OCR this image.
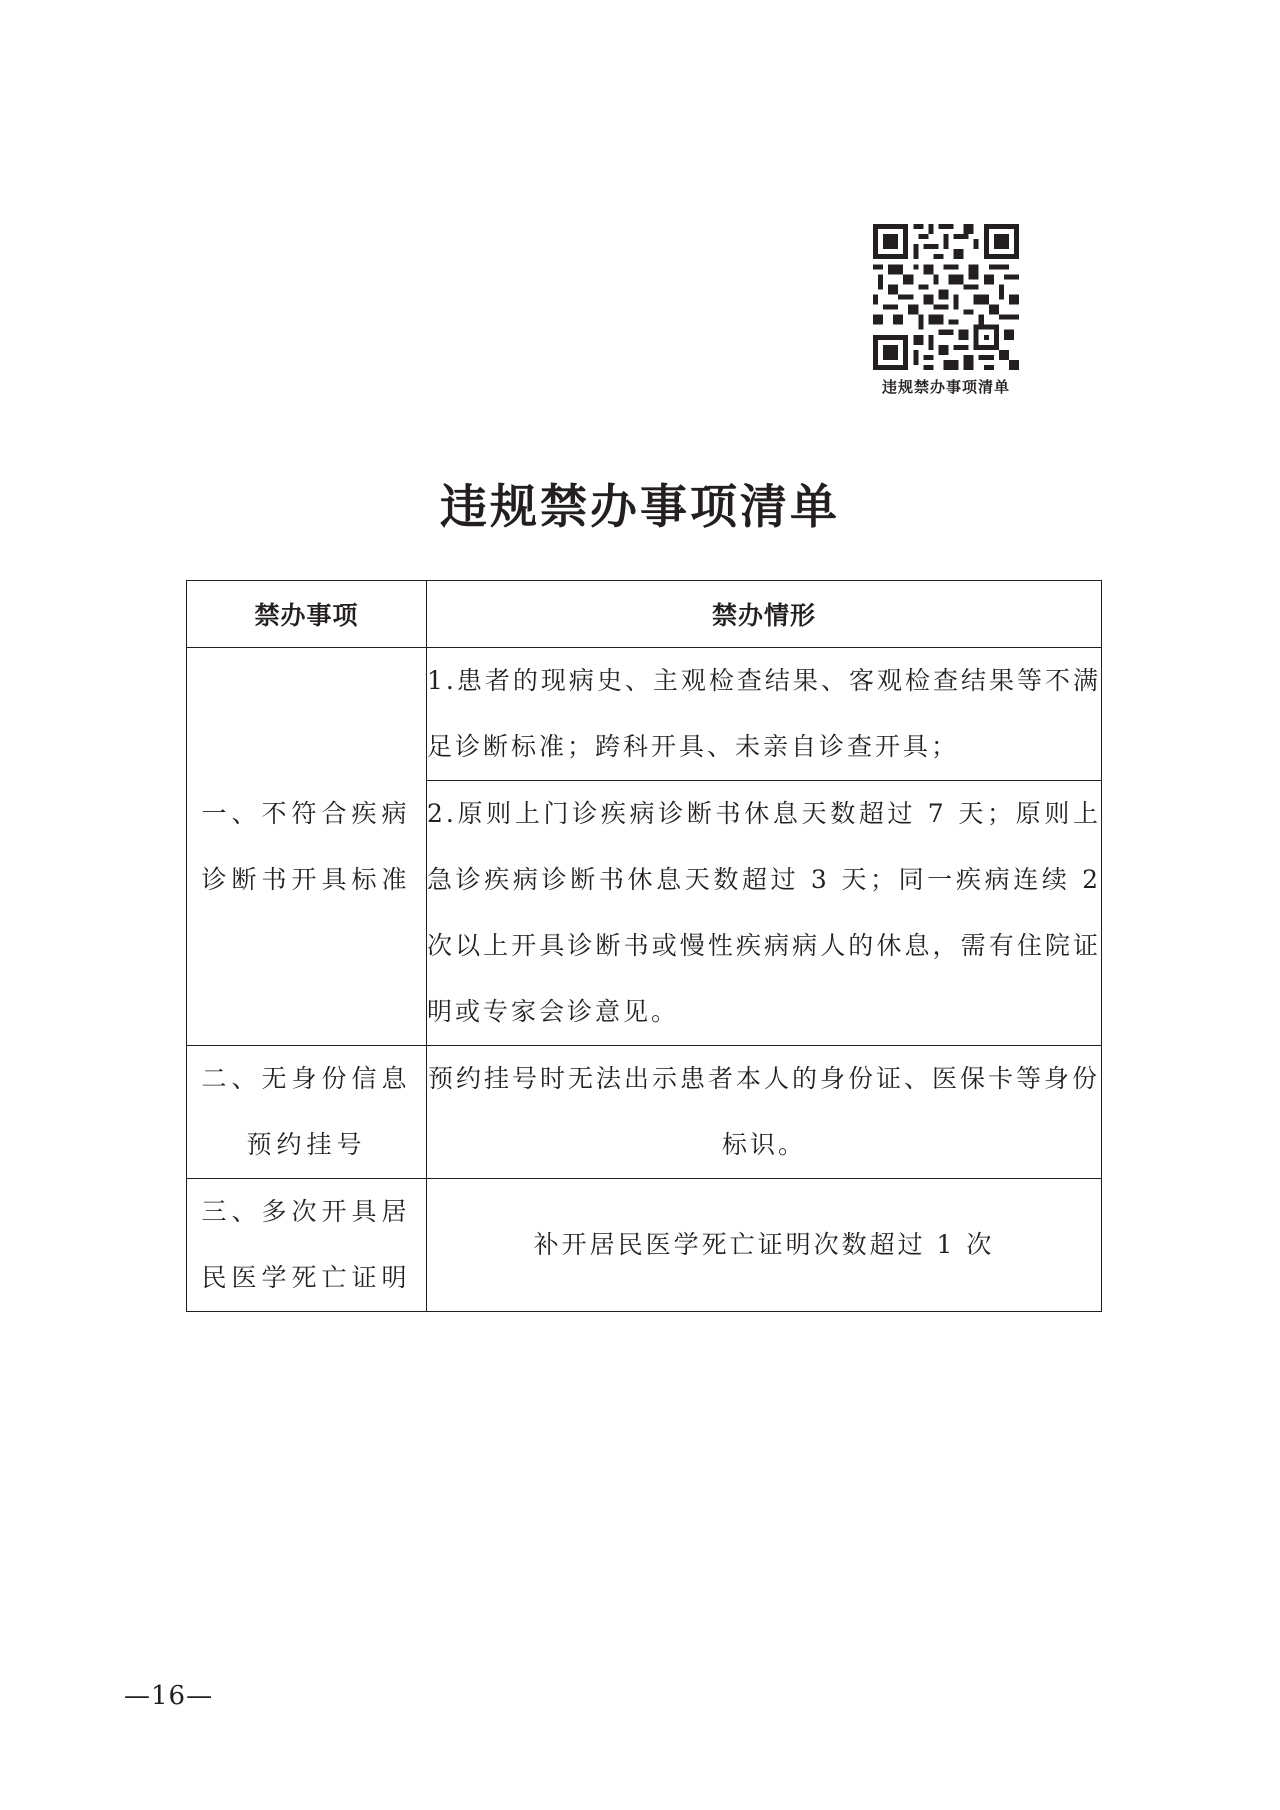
违规禁办事项清单
违规禁办事项清单
禁办事项	禁办情形
一、不符合疾病
诊断书开具标准	1.患者的现病史、主观检查结果、客观检查结果等不满足诊断标准；跨科开具、未亲自诊查开具；
	2.原则上门诊疾病诊断书休息天数超过 7 天；原则上急诊疾病诊断书休息天数超过 3 天；同一疾病连续 2 次以上开具诊断书或慢性疾病病人的休息，需有住院证明或专家会诊意见。
二、无身份信息
预约挂号	预约挂号时无法出示患者本人的身份证、医保卡等身份标识。
三、多次开具居
民医学死亡证明	补开居民医学死亡证明次数超过 1 次
—16—
